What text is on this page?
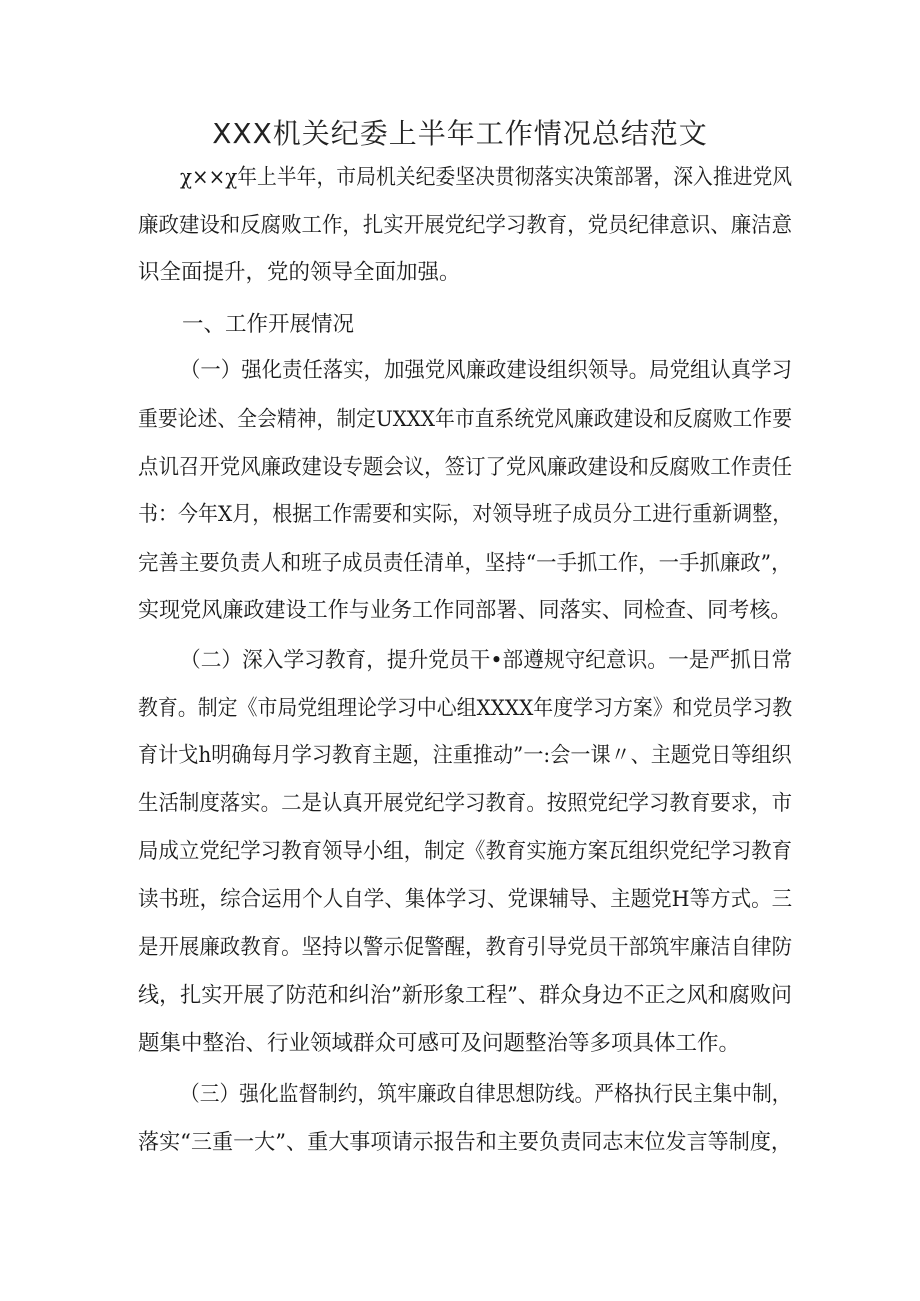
XXX机关纪委上半年工作情况总结范文
χ××χ年上半年，市局机关纪委坚决贯彻落实决策部署，深入推进党风
廉政建设和反腐败工作，扎实开展党纪学习教育，党员纪律意识、廉洁意
识全面提升，党的领导全面加强。
一、工作开展情况
（一）强化责任落实，加强党风廉政建设组织领导。局党组认真学习
重要论述、全会精神，制定UXXX年市直系统党风廉政建设和反腐败工作要
点讥召开党风廉政建设专题会议，签订了党风廉政建设和反腐败工作责任
书：今年X月，根据工作需要和实际，对领导班子成员分工进行重新调整，
完善主要负责人和班子成员责任清单，坚持“一手抓工作，一手抓廉政”，
实现党风廉政建设工作与业务工作同部署、同落实、同检查、同考核。
（二）深入学习教育，提升党员干•部遵规守纪意识。一是严抓日常
教育。制定《市局党组理论学习中心组XXXX年度学习方案》和党员学习教
育计戈h明确每月学习教育主题，注重推动”一:会一课〃、主题党日等组织
生活制度落实。二是认真开展党纪学习教育。按照党纪学习教育要求，市
局成立党纪学习教育领导小组，制定《教育实施方案瓦组织党纪学习教育
读书班，综合运用个人自学、集体学习、党课辅导、主题党H等方式。三
是开展廉政教育。坚持以警示促警醒，教育引导党员干部筑牢廉洁自律防
线，扎实开展了防范和纠治”新形象工程”、群众身边不正之风和腐败问
题集中整治、行业领域群众可感可及问题整治等多项具体工作。
（三）强化监督制约，筑牢廉政自律思想防线。严格执行民主集中制，
落实“三重一大”、重大事项请示报告和主要负责同志末位发言等制度，
